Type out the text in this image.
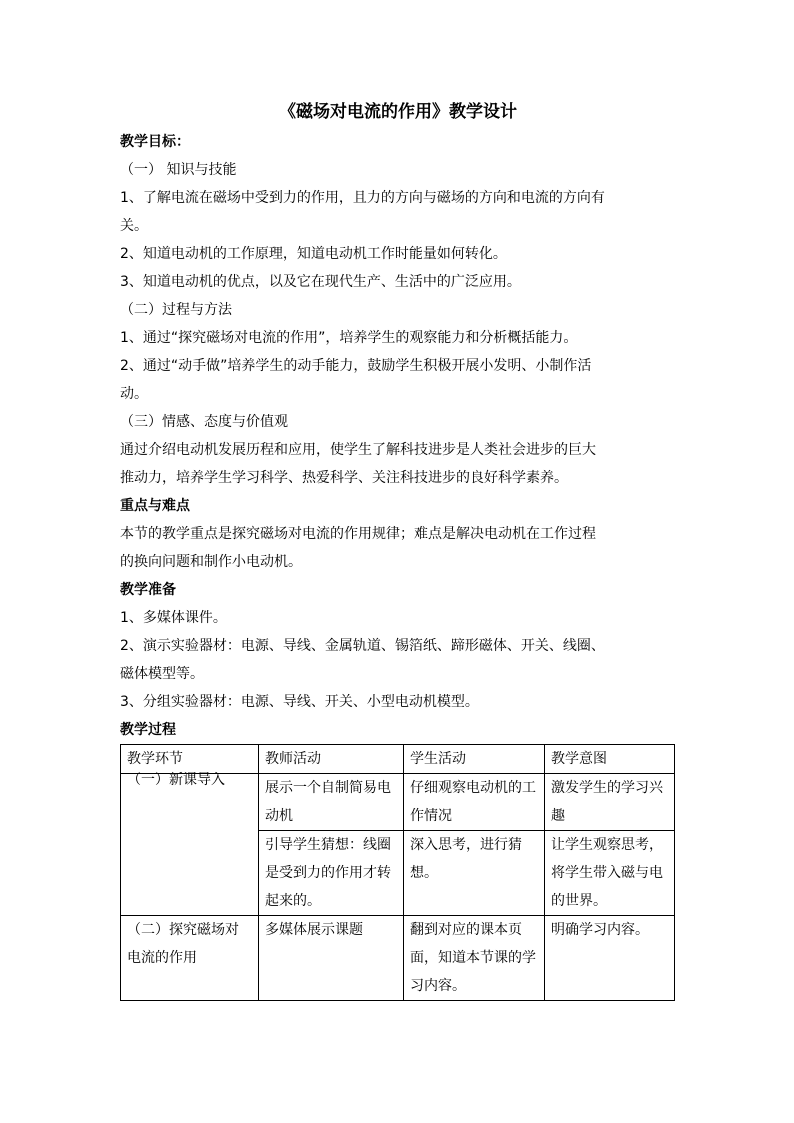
《磁场对电流的作用》教学设计

教学目标：

（一） 知识与技能

1、了解电流在磁场中受到力的作用，且力的方向与磁场的方向和电流的方向有

关。

2、知道电动机的工作原理，知道电动机工作时能量如何转化。

3、知道电动机的优点，以及它在现代生产、生活中的广泛应用。

（二）过程与方法

1、通过“探究磁场对电流的作用”，培养学生的观察能力和分析概括能力。

2、通过“动手做”培养学生的动手能力，鼓励学生积极开展小发明、小制作活

动。

（三）情感、态度与价值观

通过介绍电动机发展历程和应用，使学生了解科技进步是人类社会进步的巨大

推动力，培养学生学习科学、热爱科学、关注科技进步的良好科学素养。

重点与难点

本节的教学重点是探究磁场对电流的作用规律；难点是解决电动机在工作过程

的换向问题和制作小电动机。

教学准备

1、多媒体课件。

2、演示实验器材：电源、导线、金属轨道、锡箔纸、蹄形磁体、开关、线圈、

磁体模型等。

3、分组实验器材：电源、导线、开关、小型电动机模型。

教学过程

教学环节	教师活动	学生活动	教学意图
（一）新课导入	展示一个自制简易电动机	仔细观察电动机的工作情况	激发学生的学习兴趣
	引导学生猜想：线圈是受到力的作用才转起来的。	深入思考，进行猜想。	让学生观察思考，将学生带入磁与电的世界。
（二）探究磁场对电流的作用	多媒体展示课题	翻到对应的课本页面，知道本节课的学习内容。	明确学习内容。
